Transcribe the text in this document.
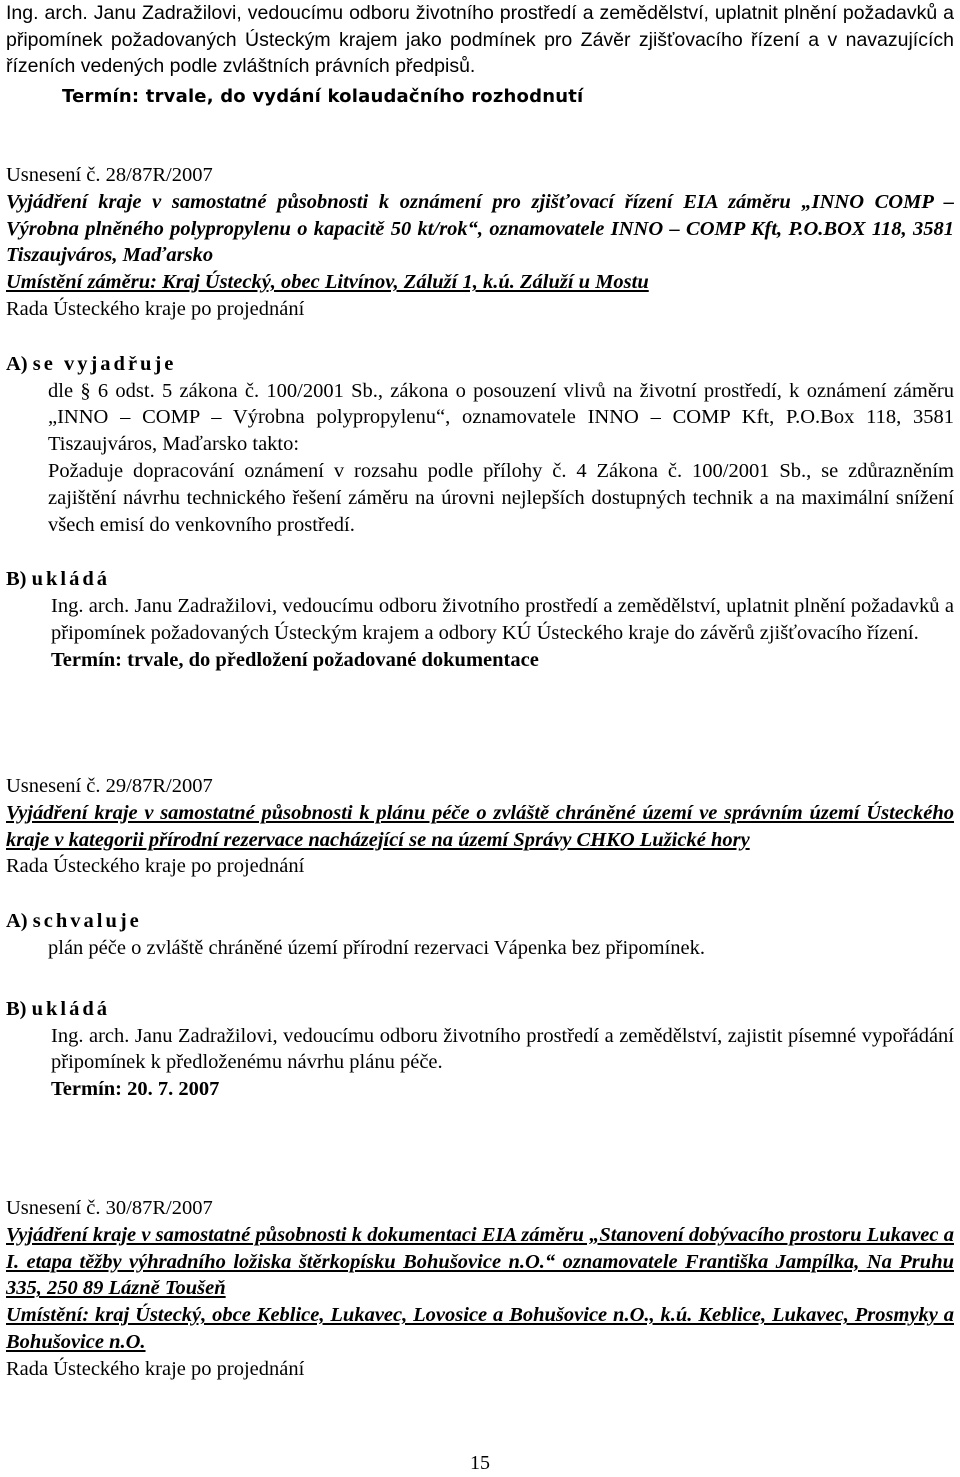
Ing. arch. Janu Zadražilovi, vedoucímu odboru životního prostředí a zemědělství, uplatnit plnění požadavků a připomínek požadovaných Ústeckým krajem jako podmínek pro Závěr zjišťovacího řízení a v navazujících řízeních vedených podle zvláštních právních předpisů.

Termín: trvale, do vydání kolaudačního rozhodnutí

Usnesení č. 28/87R/2007

Vyjádření kraje v samostatné působnosti k oznámení pro zjišťovací řízení EIA záměru „INNO COMP – Výrobna plněného polypropylenu o kapacitě 50 kt/rok“, oznamovatele INNO – COMP Kft, P.O.BOX 118, 3581 Tiszaujváros, Maďarsko

Umístění záměru: Kraj Ústecký, obec Litvínov, Záluží 1, k.ú. Záluží u Mostu

Rada Ústeckého kraje po projednání

A) se vyjadřuje

dle § 6 odst. 5 zákona č. 100/2001 Sb., zákona o posouzení vlivů na životní prostředí, k oznámení záměru „INNO – COMP – Výrobna polypropylenu“, oznamovatele INNO – COMP Kft, P.O.Box 118, 3581 Tiszaujváros, Maďarsko takto:

Požaduje dopracování oznámení v rozsahu podle přílohy č. 4 Zákona č. 100/2001 Sb., se zdůrazněním zajištění návrhu technického řešení záměru na úrovni nejlepších dostupných technik a na maximální snížení všech emisí do venkovního prostředí.

B) ukládá

Ing. arch. Janu Zadražilovi, vedoucímu odboru životního prostředí a zemědělství, uplatnit plnění požadavků a připomínek požadovaných Ústeckým krajem a odbory KÚ Ústeckého kraje do závěrů zjišťovacího řízení.

Termín: trvale, do předložení požadované dokumentace

Usnesení č. 29/87R/2007

Vyjádření kraje v samostatné působnosti k plánu péče o zvláště chráněné území ve správním území Ústeckého kraje v kategorii přírodní rezervace nacházející se na území Správy CHKO Lužické hory

Rada Ústeckého kraje po projednání

A) schvaluje

plán péče o zvláště chráněné území přírodní rezervaci Vápenka bez připomínek.

B) ukládá

Ing. arch. Janu Zadražilovi, vedoucímu odboru životního prostředí a zemědělství, zajistit písemné vypořádání připomínek k předloženému návrhu plánu péče.

Termín: 20. 7. 2007

Usnesení č. 30/87R/2007

Vyjádření kraje v samostatné působnosti k dokumentaci EIA záměru „Stanovení dobývacího prostoru Lukavec a I. etapa těžby výhradního ložiska štěrkopísku Bohušovice n.O.“ oznamovatele Františka Jampílka, Na Pruhu 335, 250 89 Lázně Toušeň

Umístění: kraj Ústecký, obce Keblice, Lukavec, Lovosice a Bohušovice n.O., k.ú. Keblice, Lukavec, Prosmyky a Bohušovice n.O.

Rada Ústeckého kraje po projednání

15
